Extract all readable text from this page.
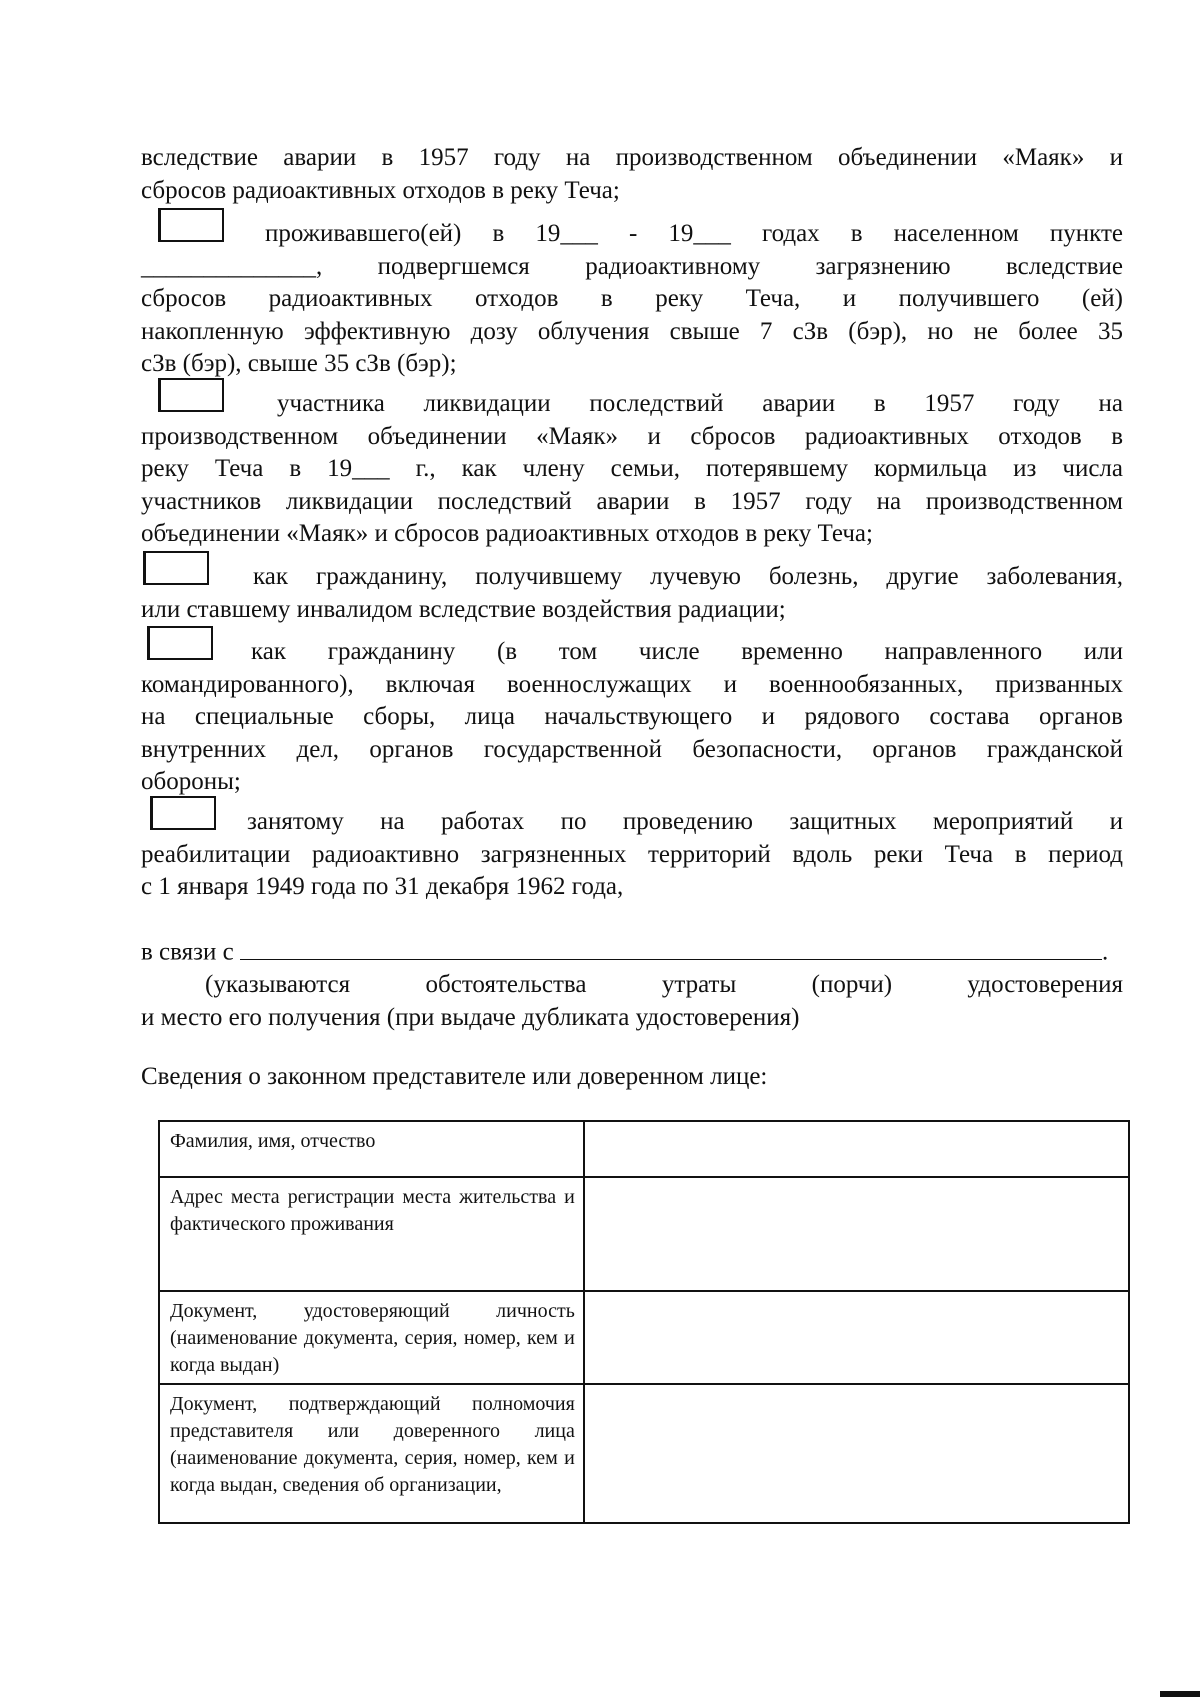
вследствие аварии в 1957 году на производственном объединении «Маяк» и
сбросов радиоактивных отходов в реку Теча;
проживавшего(ей) в 19___ - 19___ годах в населенном пункте
______________, подвергшемся радиоактивному загрязнению вследствие
сбросов радиоактивных отходов в реку Теча, и получившего (ей)
накопленную эффективную дозу облучения свыше 7 сЗв (бэр), но не более 35
сЗв (бэр), свыше 35 сЗв (бэр);
участника ликвидации последствий аварии в 1957 году на
производственном объединении «Маяк» и сбросов радиоактивных отходов в
реку Теча в 19___ г., как члену семьи, потерявшему кормильца из числа
участников ликвидации последствий аварии в 1957 году на производственном
объединении «Маяк» и сбросов радиоактивных отходов в реку Теча;
как гражданину, получившему лучевую болезнь, другие заболевания,
или ставшему инвалидом вследствие воздействия радиации;
как гражданину (в том числе временно направленного или
командированного), включая военнослужащих и военнообязанных, призванных
на специальные сборы, лица начальствующего и рядового состава органов
внутренних дел, органов государственной безопасности, органов гражданской
обороны;
занятому на работах по проведению защитных мероприятий и
реабилитации радиоактивно загрязненных территорий вдоль реки Теча в период
с 1 января 1949 года по 31 декабря 1962 года,
в связи с	.
(указываются обстоятельства утраты (порчи) удостоверения
и место его получения (при выдаче дубликата удостоверения)
Сведения о законном представителе или доверенном лице:
Фамилия, имя, отчество	
Адрес места регистрации места жительства и фактического проживания	
Документ, удостоверяющий личность (наименование документа, серия, номер, кем и когда выдан)	
Документ, подтверждающий полномочия представителя или доверенного лица (наименование документа, серия, номер, кем и когда выдан, сведения об организации,	
